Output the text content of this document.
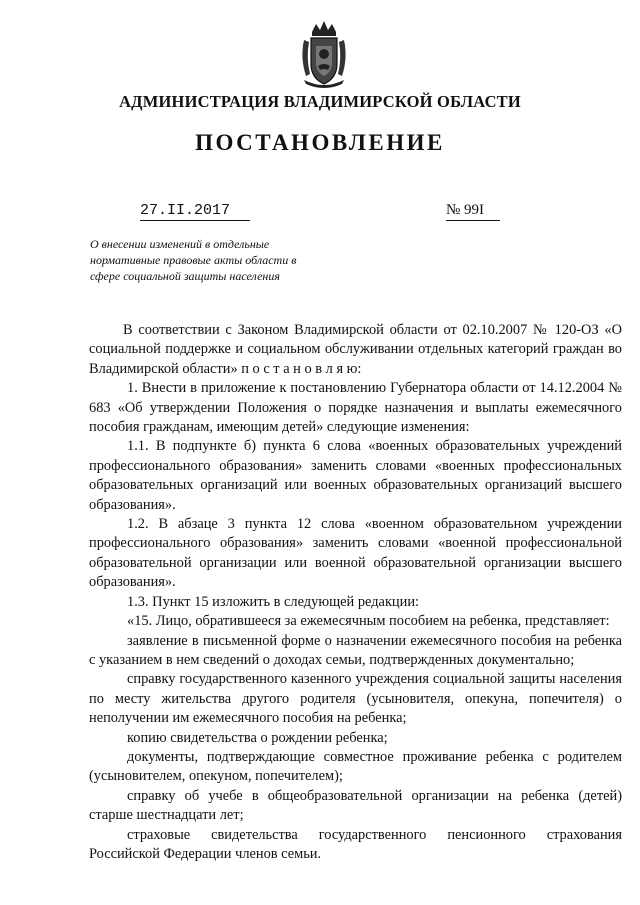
АДМИНИСТРАЦИЯ ВЛАДИМИРСКОЙ ОБЛАСТИ
ПОСТАНОВЛЕНИЕ
27.II.2017	№ 99I
О внесении изменений в отдельные нормативные правовые акты области в сфере социальной защиты населения

В соответствии с Законом Владимирской области от 02.10.2007 № 120-ОЗ «О социальной поддержке и социальном обслуживании отдельных категорий граждан во Владимирской области» п о с т а н о в л я ю:

1. Внести в приложение к постановлению Губернатора области от 14.12.2004 № 683 «Об утверждении Положения о порядке назначения и выплаты ежемесячного пособия гражданам, имеющим детей» следующие изменения:

1.1. В подпункте б) пункта 6 слова «военных образовательных учреждений профессионального образования» заменить словами «военных профессиональных образовательных организаций или военных образовательных организаций высшего образования».

1.2. В абзаце 3 пункта 12 слова «военном образовательном учреждении профессионального образования» заменить словами «военной профессиональной образовательной организации или военной образовательной организации высшего образования».

1.3. Пункт 15 изложить в следующей редакции:

«15. Лицо, обратившееся за ежемесячным пособием на ребенка, представляет:

заявление в письменной форме о назначении ежемесячного пособия на ребенка с указанием в нем сведений о доходах семьи, подтвержденных документально;

справку государственного казенного учреждения социальной защиты населения по месту жительства другого родителя (усыновителя, опекуна, попечителя) о неполучении им ежемесячного пособия на ребенка;

копию свидетельства о рождении ребенка;

документы, подтверждающие совместное проживание ребенка с родителем (усыновителем, опекуном, попечителем);

справку об учебе в общеобразовательной организации на ребенка (детей) старше шестнадцати лет;

страховые свидетельства государственного пенсионного страхования Российской Федерации членов семьи.
